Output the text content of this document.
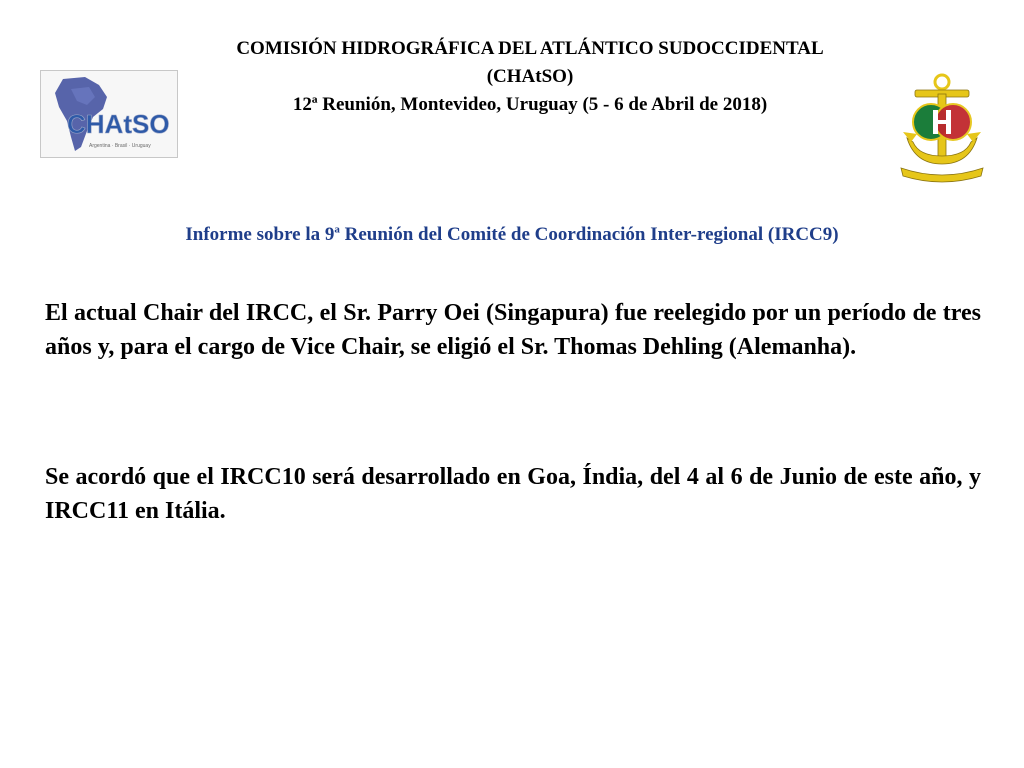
COMISIÓN HIDROGRÁFICA DEL ATLÁNTICO SUDOCCIDENTAL
(CHAtSO)
12ª Reunión, Montevideo, Uruguay (5 - 6 de Abril de 2018)
CHAtSO
Argentina · Brasil · Uruguay
Informe sobre la 9$^a$ Reunión del Comité de Coordinación Inter-regional (IRCC9)
El actual Chair del IRCC, el Sr. Parry Oei (Singapura) fue reelegido por un período de tres años y, para el cargo de Vice Chair, se eligió el Sr. Thomas Dehling (Alemanha).
Se acordó que el IRCC10 será desarrollado en Goa, Índia, del 4 al 6 de Junio de este año, y IRCC11 en Itália.
